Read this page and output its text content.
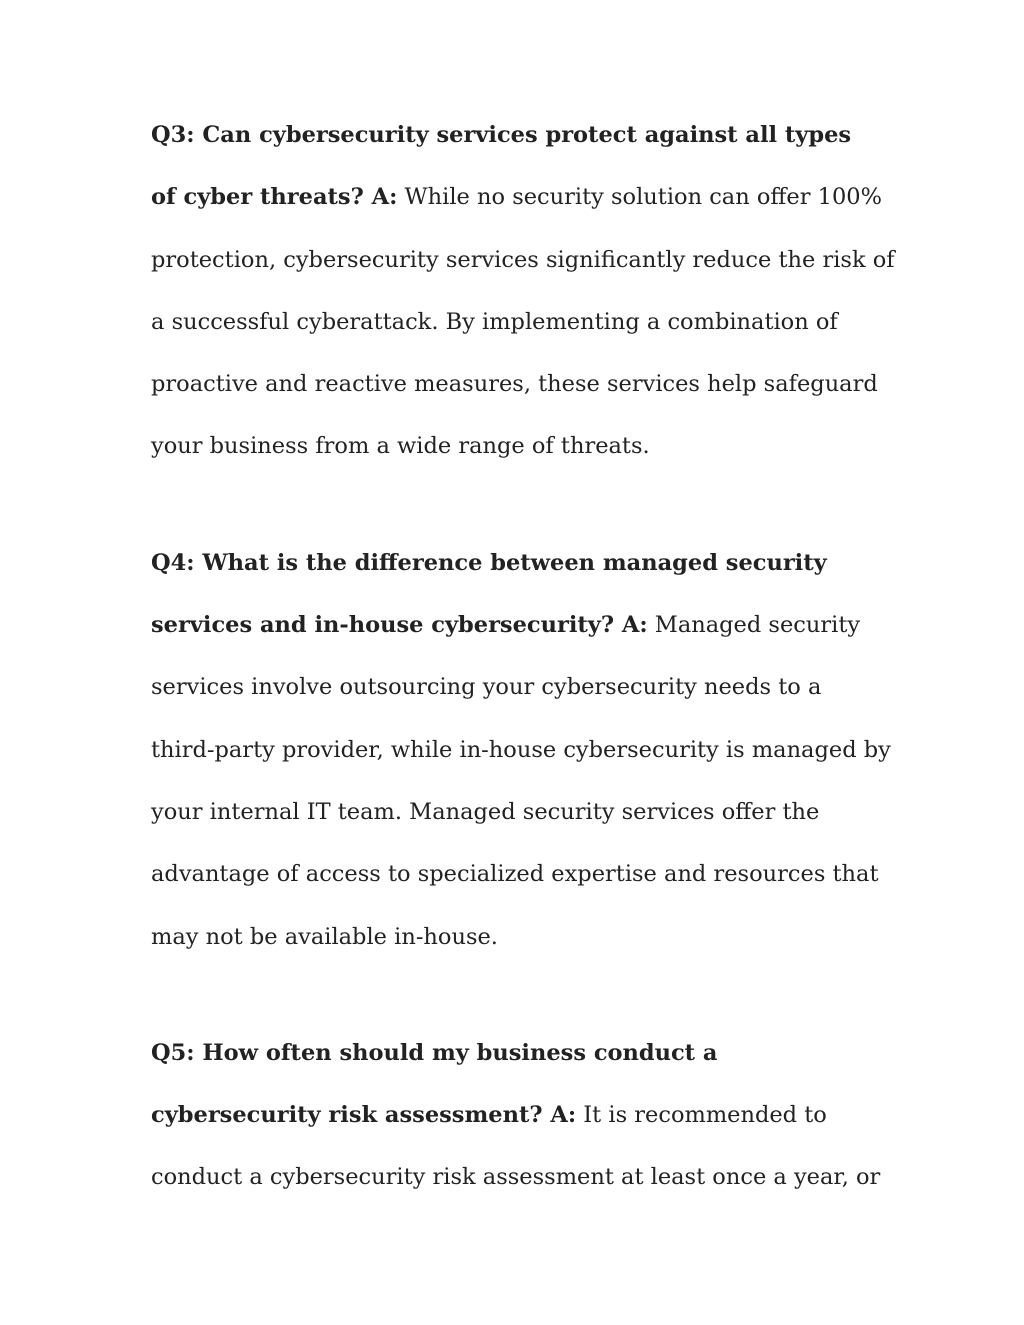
Q3: Can cybersecurity services protect against all types
of cyber threats? A: While no security solution can offer 100%
protection, cybersecurity services significantly reduce the risk of
a successful cyberattack. By implementing a combination of
proactive and reactive measures, these services help safeguard
your business from a wide range of threats.
Q4: What is the difference between managed security
services and in-house cybersecurity? A: Managed security
services involve outsourcing your cybersecurity needs to a
third-party provider, while in-house cybersecurity is managed by
your internal IT team. Managed security services offer the
advantage of access to specialized expertise and resources that
may not be available in-house.
Q5: How often should my business conduct a
cybersecurity risk assessment? A: It is recommended to
conduct a cybersecurity risk assessment at least once a year, or
